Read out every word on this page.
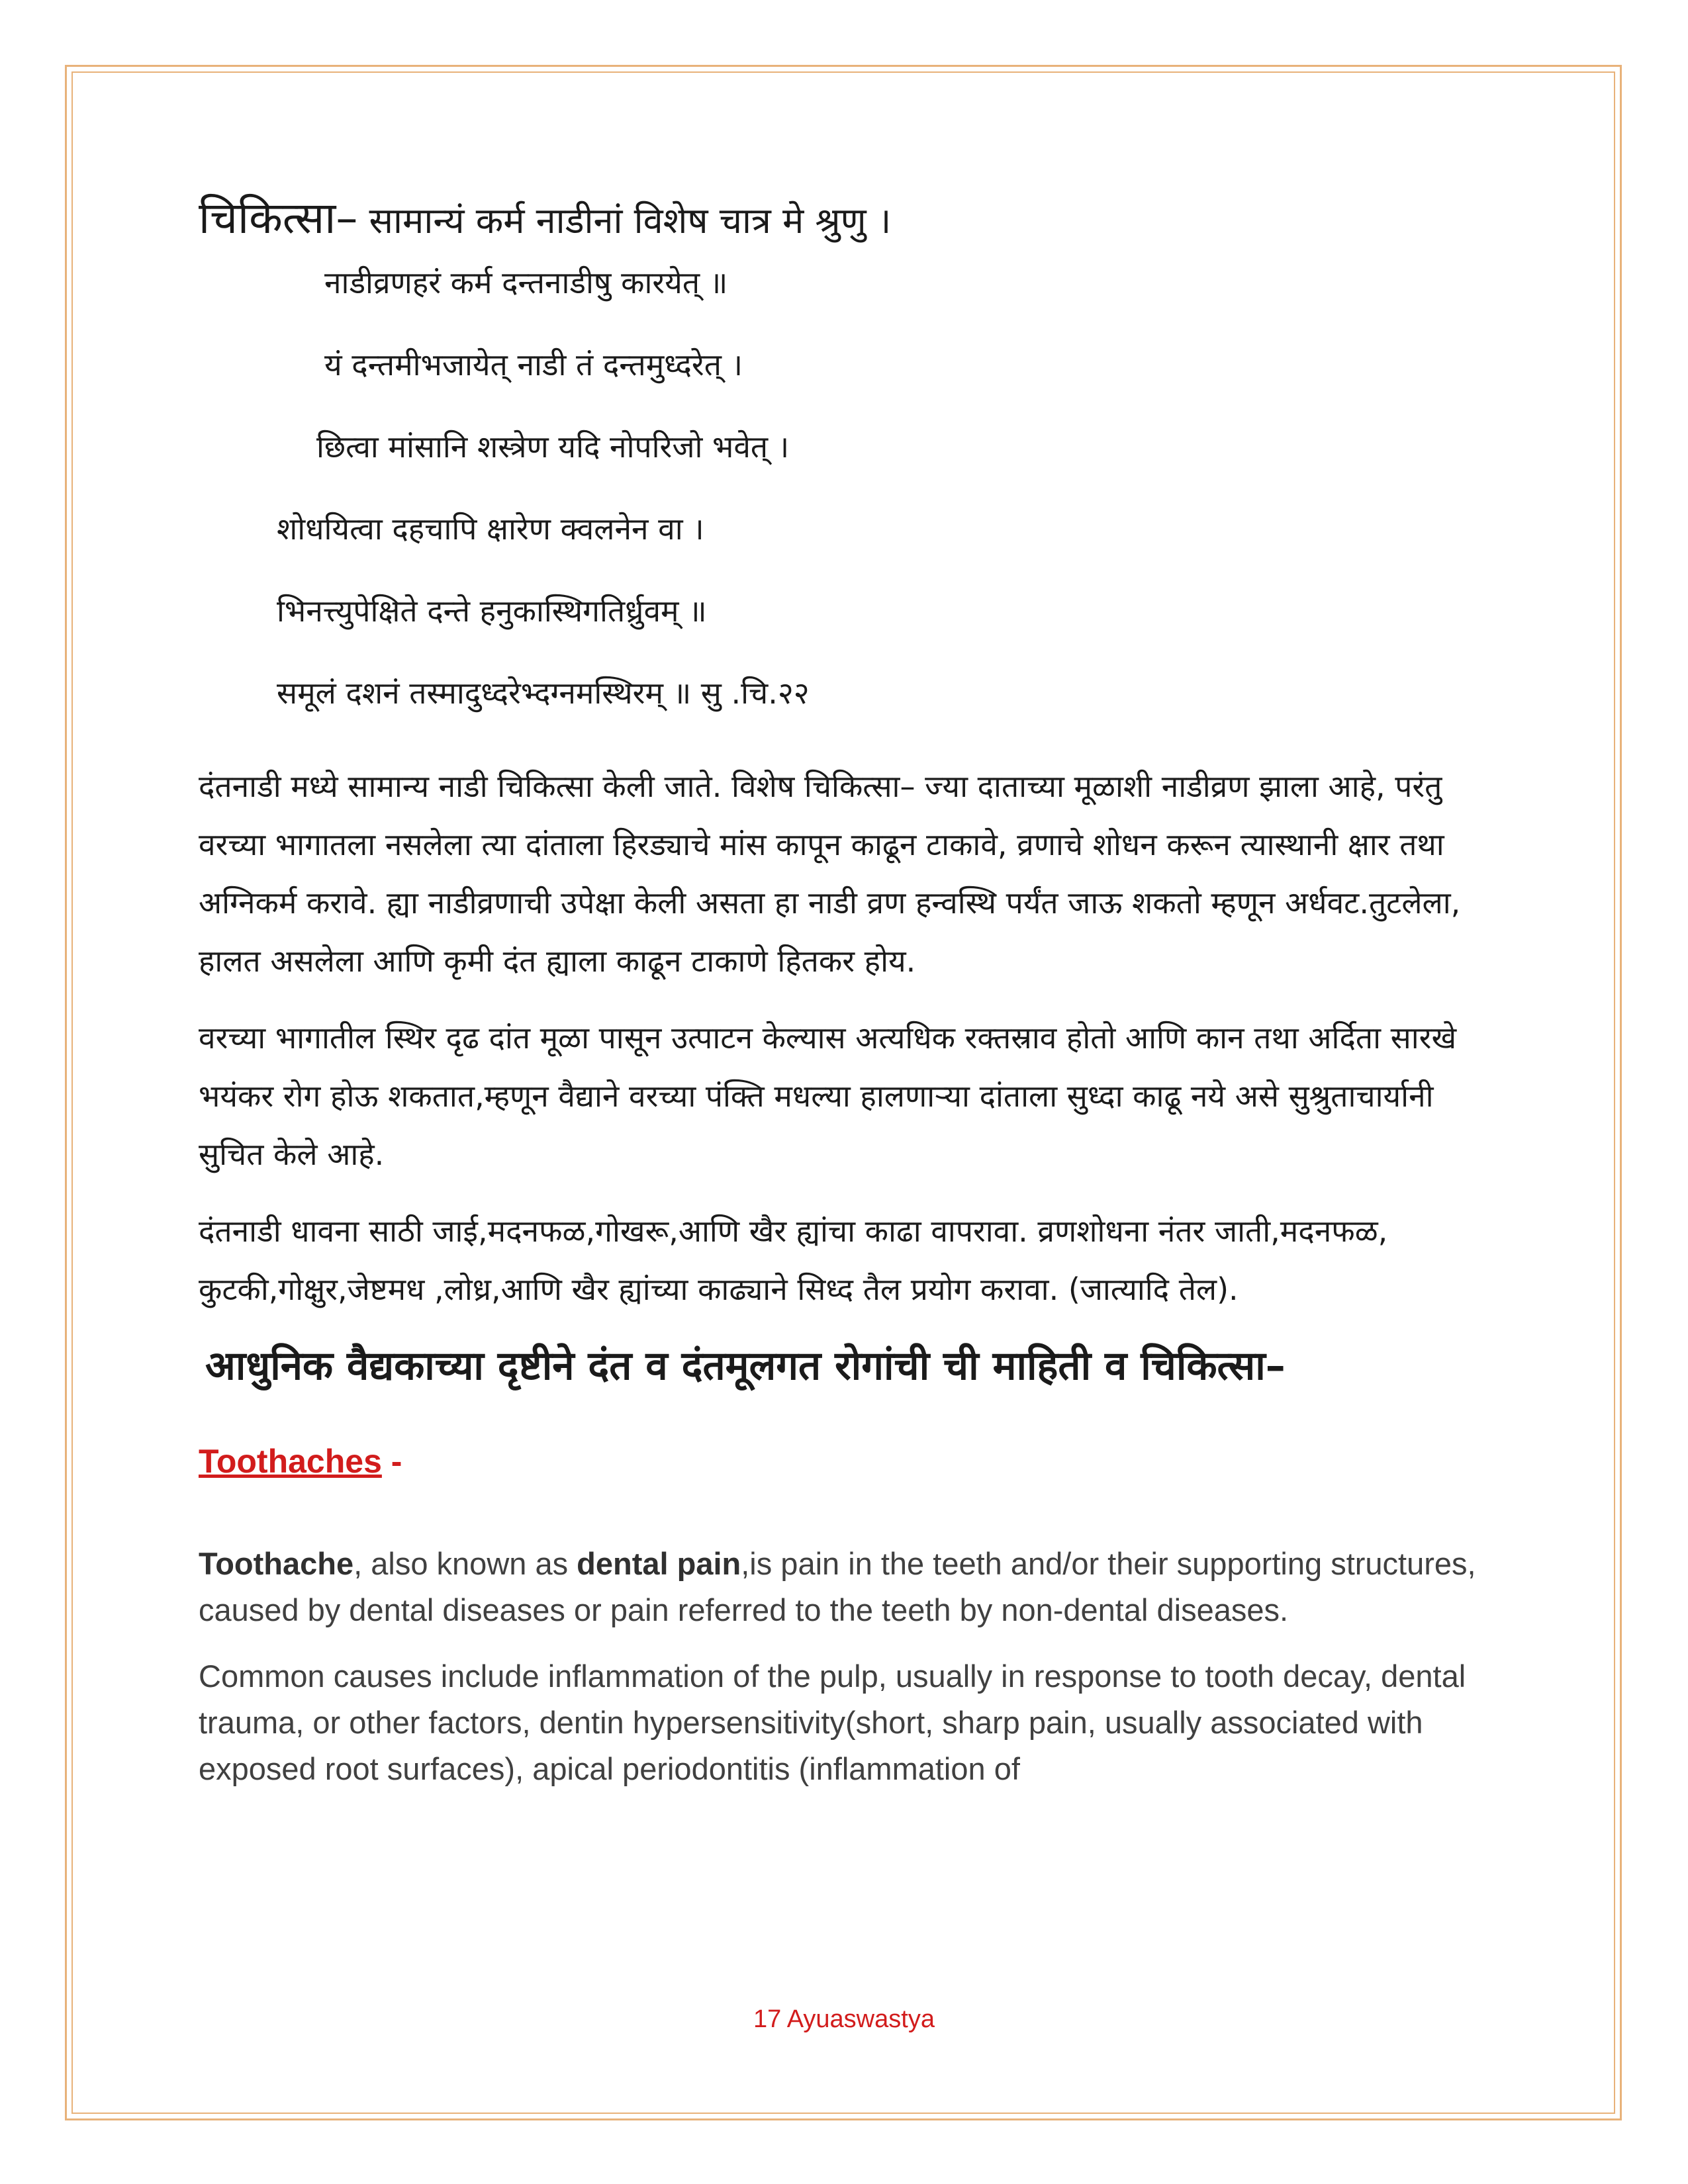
चिकित्सा– सामान्यं कर्म नाडीनां विशेष चात्र मे श्रुणु ।

नाडीव्रणहरं कर्म दन्तनाडीषु कारयेत् ॥

यं दन्तमीभजायेत् नाडी तं दन्तमुध्दरेत् ।

छित्वा मांसानि शस्त्रेण यदि नोपरिजो भवेत् ।

शोधयित्वा दहचापि क्षारेण क्वलनेन वा ।

भिनत्त्युपेक्षिते दन्ते हनुकास्थिगतिर्ध्रुवम् ॥

समूलं दशनं तस्मादुध्दरेभ्दग्नमस्थिरम् ॥ सु .चि.२२

दंतनाडी मध्ये सामान्य नाडी चिकित्सा केली जाते. विशेष चिकित्सा– ज्या दाताच्या मूळाशी नाडीव्रण झाला आहे, परंतु वरच्या भागातला नसलेला त्या दांताला हिरड्याचे मांस कापून काढून टाकावे, व्रणाचे शोधन करून त्यास्थानी क्षार तथा अग्निकर्म करावे. ह्या नाडीव्रणाची उपेक्षा केली असता हा नाडी व्रण हन्वस्थि पर्यंत जाऊ शकतो म्हणून अर्धवट.तुटलेला, हालत असलेला आणि कृमी दंत ह्याला काढून टाकाणे हितकर होय.

वरच्या भागातील स्थिर दृढ दांत मूळा पासून उत्पाटन केल्यास अत्यधिक रक्तस्राव होतो आणि कान तथा अर्दिता सारखे भयंकर रोग होऊ शकतात,म्हणून वैद्याने वरच्या पंक्ति मधल्या हालणाऱ्या दांताला सुध्दा काढू नये असे सुश्रुताचार्यानी सुचित केले आहे.

दंतनाडी धावना साठी जाई,मदनफळ,गोखरू,आणि खैर ह्यांचा काढा वापरावा. व्रणशोधना नंतर जाती,मदनफळ, कुटकी,गोक्षुर,जेष्टमध ,लोध्र,आणि खैर ह्यांच्या काढ्याने सिध्द तैल प्रयोग करावा. (जात्यादि तेल).

आधुनिक वैद्यकाच्या दृष्टीने दंत व दंतमूलगत रोगांची ची माहिती व चिकित्सा–

Toothaches -

Toothache, also known as dental pain,is pain in the teeth and/or their supporting structures, caused by dental diseases or pain referred to the teeth by non-dental diseases.

Common causes include inflammation of the pulp, usually in response to tooth decay, dental trauma, or other factors, dentin hypersensitivity(short, sharp pain, usually associated with exposed root surfaces), apical periodontitis (inflammation of

17 Ayuaswastya
